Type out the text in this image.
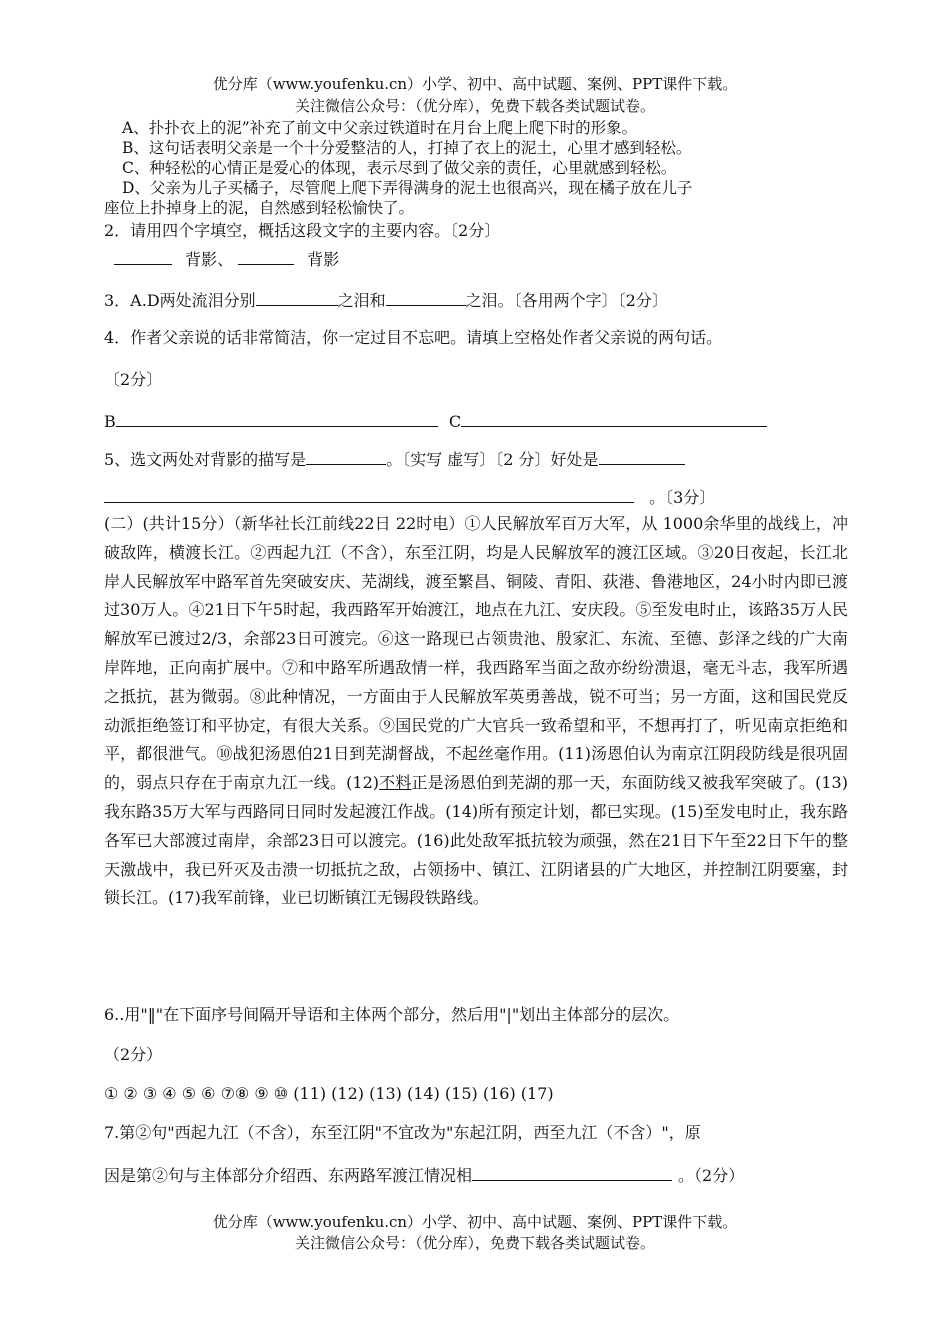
优分库（www.youfenku.cn）小学、初中、高中试题、案例、PPT课件下载。
关注微信公众号：（优分库），免费下载各类试题试卷。
A、扑扑衣上的泥”补充了前文中父亲过铁道时在月台上爬上爬下时的形象。
B、这句话表明父亲是一个十分爱整洁的人，打掉了衣上的泥土，心里才感到轻松。
C、种轻松的心情正是爱心的体现，表示尽到了做父亲的责任，心里就感到轻松。
D、父亲为儿子买橘子，尽管爬上爬下弄得满身的泥土也很高兴，现在橘子放在儿子
座位上扑掉身上的泥，自然感到轻松愉快了。
2．请用四个字填空，概括这段文字的主要内容。〔2分〕
背影、	背影
3．A.D两处流泪分别	之泪和	之泪。〔各用两个字〕〔2分〕
4．作者父亲说的话非常简洁，你一定过目不忘吧。请填上空格处作者父亲说的两句话。
〔2分〕
B	C
5、选文两处对背影的描写是	。〔实写 虚写〕〔2 分〕好处是
。〔3分〕
(二）(共计15分）（新华社长江前线22日 22时电）①人民解放军百万大军，从 1000余华里的战线上，冲破敌阵，横渡长江。②西起九江（不含），东至江阴，均是人民解放军的渡江区域。③20日夜起，长江北岸人民解放军中路军首先突破安庆、芜湖线，渡至繁昌、铜陵、青阳、荻港、鲁港地区，24小时内即已渡过30万人。④21日下午5时起，我西路军开始渡江，地点在九江、安庆段。⑤至发电时止，该路35万人民解放军已渡过2/3，余部23日可渡完。⑥这一路现已占领贵池、殷家汇、东流、至德、彭泽之线的广大南岸阵地，正向南扩展中。⑦和中路军所遇敌情一样，我西路军当面之敌亦纷纷溃退，毫无斗志，我军所遇之抵抗，甚为微弱。⑧此种情况，一方面由于人民解放军英勇善战，锐不可当；另一方面，这和国民党反动派拒绝签订和平协定，有很大关系。⑨国民党的广大官兵一致希望和平，不想再打了，听见南京拒绝和平，都很泄气。⑩战犯汤恩伯21日到芜湖督战，不起丝毫作用。(11)汤恩伯认为南京江阴段防线是很巩固的，弱点只存在于南京九江一线。(12)不料正是汤恩伯到芜湖的那一天，东面防线又被我军突破了。(13)我东路35万大军与西路同日同时发起渡江作战。(14)所有预定计划，都已实现。(15)至发电时止，我东路各军已大部渡过南岸，余部23日可以渡完。(16)此处敌军抵抗较为顽强，然在21日下午至22日下午的整天激战中，我已歼灭及击溃一切抵抗之敌，占领扬中、镇江、江阴诸县的广大地区，并控制江阴要塞，封锁长江。(17)我军前锋，业已切断镇江无锡段铁路线。
6..用"‖"在下面序号间隔开导语和主体两个部分，然后用"|"划出主体部分的层次。
（2分）
① ② ③ ④ ⑤ ⑥ ⑦⑧ ⑨ ⑩ (11) (12) (13) (14) (15) (16) (17)
7.第②句"西起九江（不含），东至江阴"不宜改为"东起江阴，西至九江（不含）"，原
因是第②句与主体部分介绍西、东两路军渡江情况相	。（2分）
优分库（www.youfenku.cn）小学、初中、高中试题、案例、PPT课件下载。
关注微信公众号：（优分库），免费下载各类试题试卷。
